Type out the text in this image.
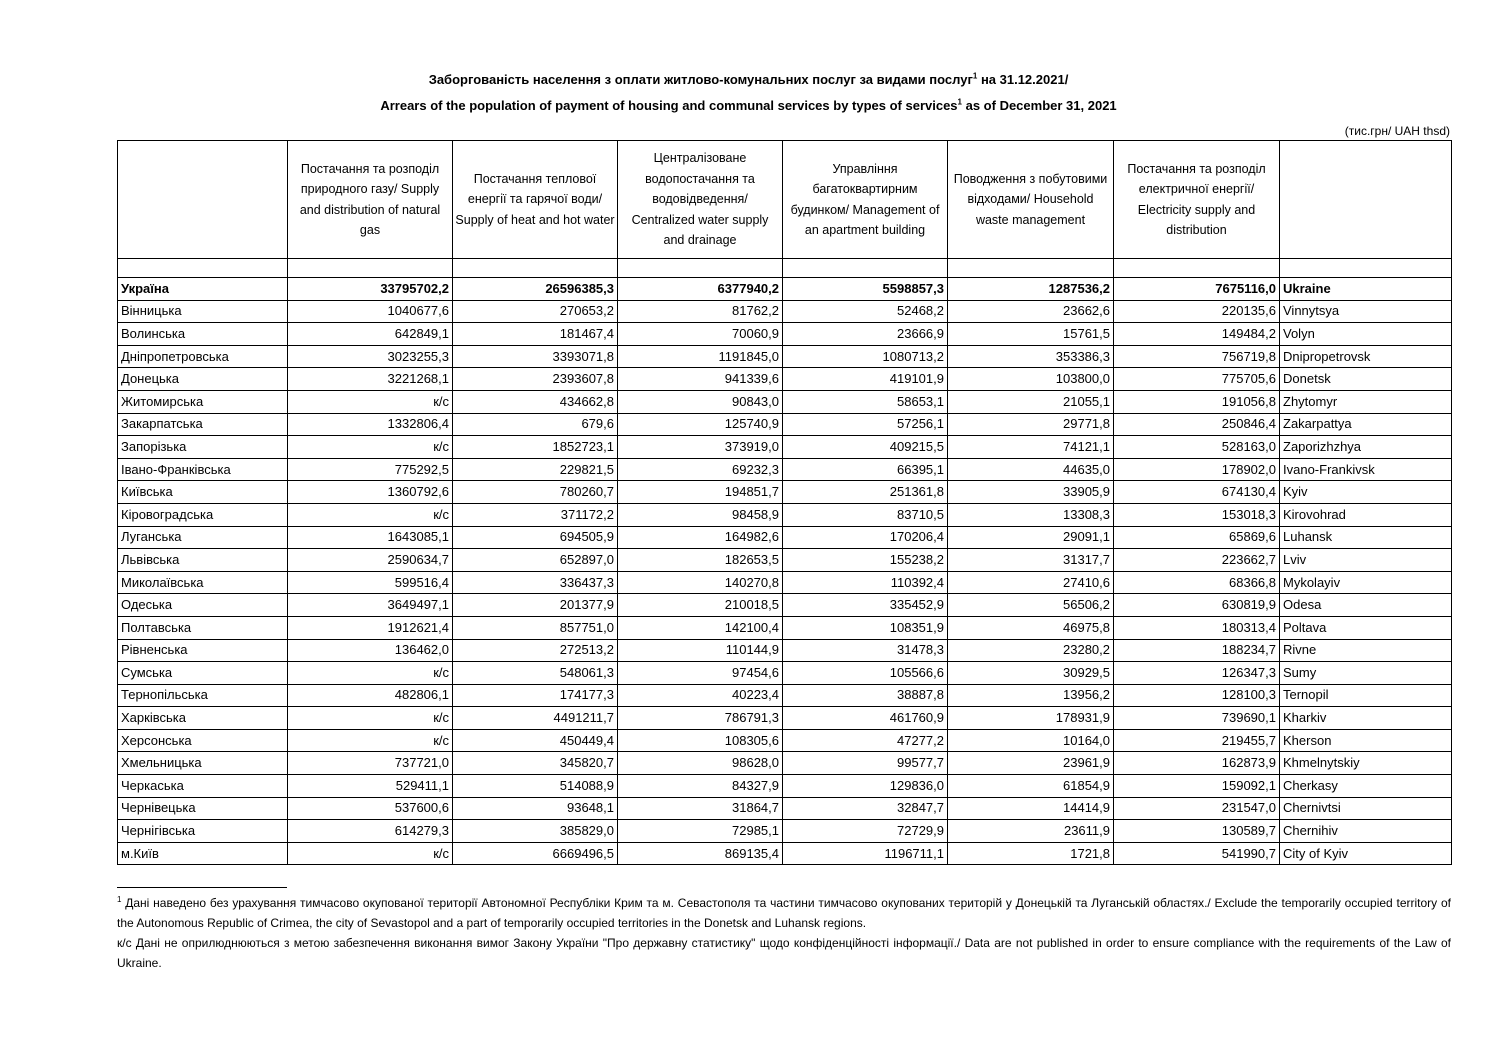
Заборгованість населення з оплати житлово-комунальних послуг за видами послуг$^1$ на 31.12.2021/
Arrears of the population of payment of housing and communal services by types of services$^1$ as of December 31, 2021
(тис.грн/ UAH thsd)
	Постачання та розподіл природного газу/ Supply and distribution of natural gas	Постачання теплової енергії та гарячої води/ Supply of heat and hot water	Централізоване водопостачання та водовідведення/ Centralized water supply and drainage	Управління багатоквартирним будинком/ Management of an apartment building	Поводження з побутовими відходами/ Household waste management	Постачання та розподіл електричної енергії/ Electricity supply and distribution	

Україна	33795702,2	26596385,3	6377940,2	5598857,3	1287536,2	7675116,0	Ukraine
Вінницька	1040677,6	270653,2	81762,2	52468,2	23662,6	220135,6	Vinnytsya
Волинська	642849,1	181467,4	70060,9	23666,9	15761,5	149484,2	Volyn
Дніпропетровська	3023255,3	3393071,8	1191845,0	1080713,2	353386,3	756719,8	Dnipropetrovsk
Донецька	3221268,1	2393607,8	941339,6	419101,9	103800,0	775705,6	Donetsk
Житомирська	к/с	434662,8	90843,0	58653,1	21055,1	191056,8	Zhytomyr
Закарпатська	1332806,4	679,6	125740,9	57256,1	29771,8	250846,4	Zakarpattya
Запорізька	к/с	1852723,1	373919,0	409215,5	74121,1	528163,0	Zaporizhzhya
Івано-Франківська	775292,5	229821,5	69232,3	66395,1	44635,0	178902,0	Ivano-Frankivsk
Київська	1360792,6	780260,7	194851,7	251361,8	33905,9	674130,4	Kyiv
Кіровоградська	к/с	371172,2	98458,9	83710,5	13308,3	153018,3	Kirovohrad
Луганська	1643085,1	694505,9	164982,6	170206,4	29091,1	65869,6	Luhansk
Львівська	2590634,7	652897,0	182653,5	155238,2	31317,7	223662,7	Lviv
Миколаївська	599516,4	336437,3	140270,8	110392,4	27410,6	68366,8	Mykolayiv
Одеська	3649497,1	201377,9	210018,5	335452,9	56506,2	630819,9	Odesa
Полтавська	1912621,4	857751,0	142100,4	108351,9	46975,8	180313,4	Poltava
Рівненська	136462,0	272513,2	110144,9	31478,3	23280,2	188234,7	Rivne
Сумська	к/с	548061,3	97454,6	105566,6	30929,5	126347,3	Sumy
Тернопільська	482806,1	174177,3	40223,4	38887,8	13956,2	128100,3	Ternopil
Харківська	к/с	4491211,7	786791,3	461760,9	178931,9	739690,1	Kharkiv
Херсонська	к/с	450449,4	108305,6	47277,2	10164,0	219455,7	Kherson
Хмельницька	737721,0	345820,7	98628,0	99577,7	23961,9	162873,9	Khmelnytskiy
Черкаська	529411,1	514088,9	84327,9	129836,0	61854,9	159092,1	Cherkasy
Чернівецька	537600,6	93648,1	31864,7	32847,7	14414,9	231547,0	Chernivtsi
Чернігівська	614279,3	385829,0	72985,1	72729,9	23611,9	130589,7	Chernihiv
м.Київ	к/с	6669496,5	869135,4	1196711,1	1721,8	541990,7	City of Kyiv
$^1$ Дані наведено без урахування тимчасово окупованої території Автономної Республіки Крим та м. Севастополя та частини тимчасово окупованих територій у Донецькій та Луганській областях./ Exclude the temporarily occupied territory of the Autonomous Republic of Crimea, the city of Sevastopol and a part of temporarily occupied territories in the Donetsk and Luhansk regions.
к/с Дані не оприлюднюються з метою забезпечення виконання вимог Закону України "Про державну статистику" щодо конфіденційності інформації./ Data are not published in order to ensure compliance with the requirements of the Law of Ukraine.
